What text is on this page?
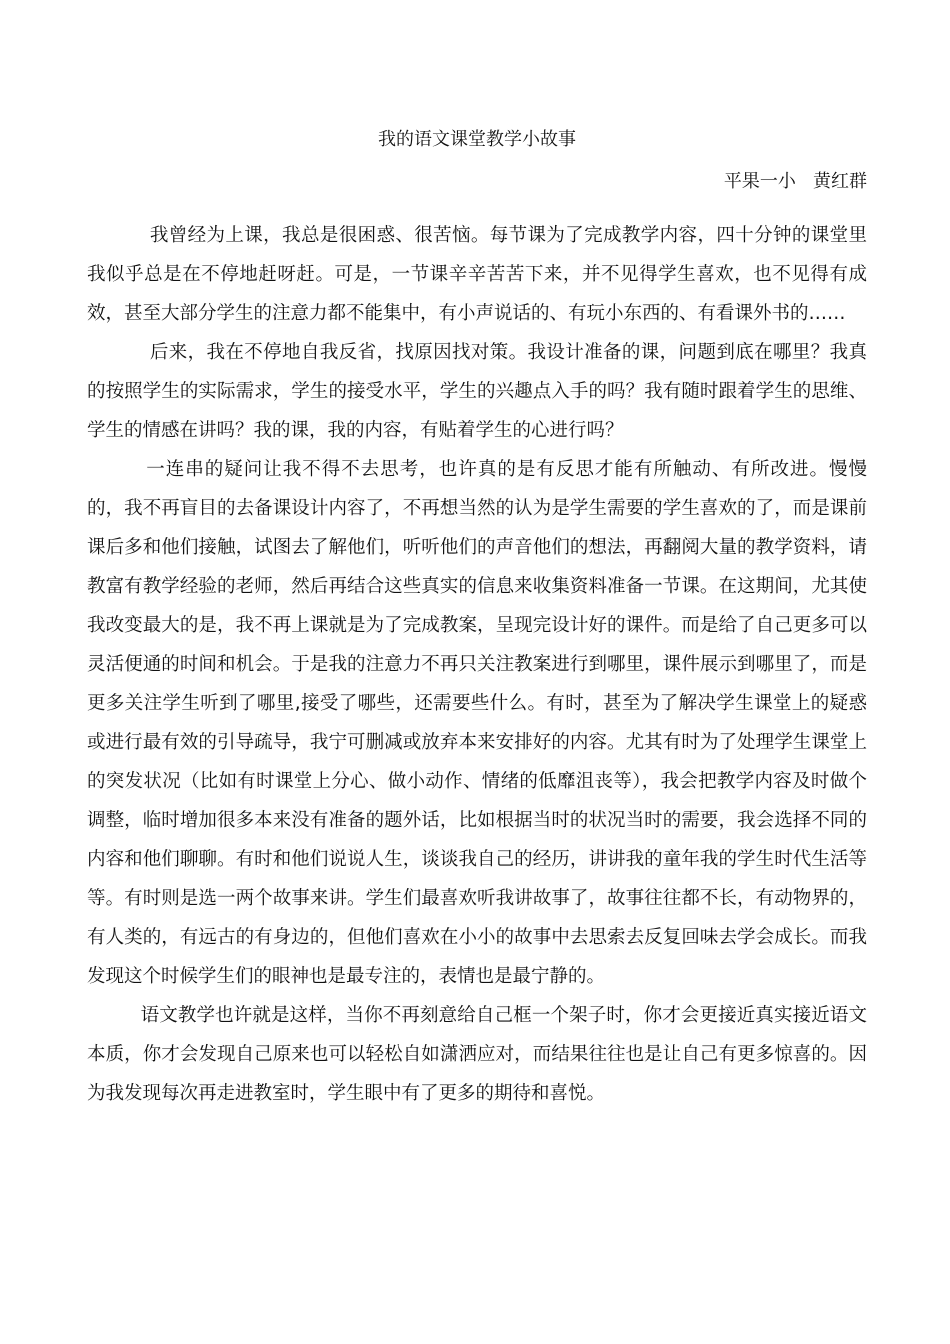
我的语文课堂教学小故事
平果一小   黄红群

我曾经为上课，我总是很困惑、很苦恼。每节课为了完成教学内容，四十分钟的课堂里我似乎总是在不停地赶呀赶。可是，一节课辛辛苦苦下来，并不见得学生喜欢，也不见得有成效，甚至大部分学生的注意力都不能集中，有小声说话的、有玩小东西的、有看课外书的……

后来，我在不停地自我反省，找原因找对策。我设计准备的课，问题到底在哪里？我真的按照学生的实际需求，学生的接受水平，学生的兴趣点入手的吗？我有随时跟着学生的思维、学生的情感在讲吗？我的课，我的内容，有贴着学生的心进行吗？

一连串的疑问让我不得不去思考，也许真的是有反思才能有所触动、有所改进。慢慢的，我不再盲目的去备课设计内容了，不再想当然的认为是学生需要的学生喜欢的了，而是课前课后多和他们接触，试图去了解他们，听听他们的声音他们的想法，再翻阅大量的教学资料，请教富有教学经验的老师，然后再结合这些真实的信息来收集资料准备一节课。在这期间，尤其使我改变最大的是，我不再上课就是为了完成教案，呈现完设计好的课件。而是给了自己更多可以灵活便通的时间和机会。于是我的注意力不再只关注教案进行到哪里，课件展示到哪里了，而是更多关注学生听到了哪里,接受了哪些，还需要些什么。有时，甚至为了解决学生课堂上的疑惑或进行最有效的引导疏导，我宁可删减或放弃本来安排好的内容。尤其有时为了处理学生课堂上的突发状况（比如有时课堂上分心、做小动作、情绪的低靡沮丧等），我会把教学内容及时做个调整，临时增加很多本来没有准备的题外话，比如根据当时的状况当时的需要，我会选择不同的内容和他们聊聊。有时和他们说说人生，谈谈我自己的经历，讲讲我的童年我的学生时代生活等等。有时则是选一两个故事来讲。学生们最喜欢听我讲故事了，故事往往都不长，有动物界的，有人类的，有远古的有身边的，但他们喜欢在小小的故事中去思索去反复回味去学会成长。而我发现这个时候学生们的眼神也是最专注的，表情也是最宁静的。

语文教学也许就是这样，当你不再刻意给自己框一个架子时，你才会更接近真实接近语文本质，你才会发现自己原来也可以轻松自如潇洒应对，而结果往往也是让自己有更多惊喜的。因为我发现每次再走进教室时，学生眼中有了更多的期待和喜悦。
